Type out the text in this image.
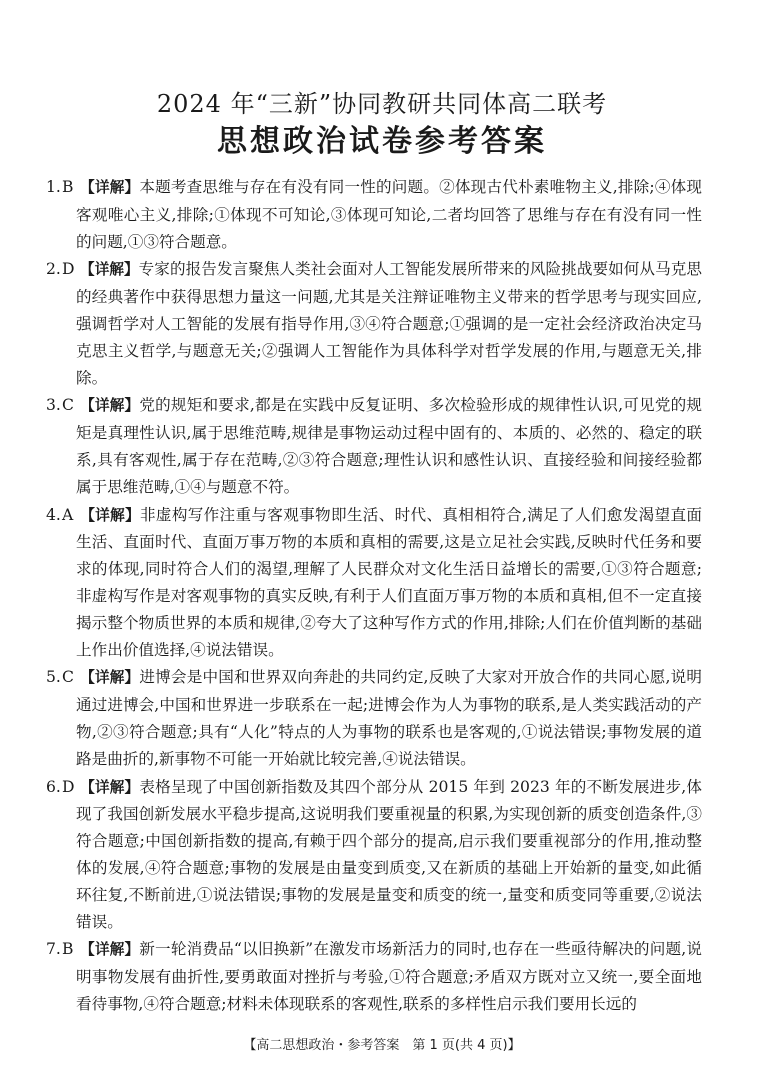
2024 年“三新”协同教研共同体高二联考
思想政治试卷参考答案
1.B 【详解】本题考查思维与存在有没有同一性的问题。②体现古代朴素唯物主义,排除;④体现客观唯心主义,排除;①体现不可知论,③体现可知论,二者均回答了思维与存在有没有同一性的问题,①③符合题意。
2.D 【详解】专家的报告发言聚焦人类社会面对人工智能发展所带来的风险挑战要如何从马克思的经典著作中获得思想力量这一问题,尤其是关注辩证唯物主义带来的哲学思考与现实回应,强调哲学对人工智能的发展有指导作用,③④符合题意;①强调的是一定社会经济政治决定马克思主义哲学,与题意无关;②强调人工智能作为具体科学对哲学发展的作用,与题意无关,排除。
3.C 【详解】党的规矩和要求,都是在实践中反复证明、多次检验形成的规律性认识,可见党的规矩是真理性认识,属于思维范畴,规律是事物运动过程中固有的、本质的、必然的、稳定的联系,具有客观性,属于存在范畴,②③符合题意;理性认识和感性认识、直接经验和间接经验都属于思维范畴,①④与题意不符。
4.A 【详解】非虚构写作注重与客观事物即生活、时代、真相相符合,满足了人们愈发渴望直面生活、直面时代、直面万事万物的本质和真相的需要,这是立足社会实践,反映时代任务和要求的体现,同时符合人们的渴望,理解了人民群众对文化生活日益增长的需要,①③符合题意;非虚构写作是对客观事物的真实反映,有利于人们直面万事万物的本质和真相,但不一定直接揭示整个物质世界的本质和规律,②夸大了这种写作方式的作用,排除;人们在价值判断的基础上作出价值选择,④说法错误。
5.C 【详解】进博会是中国和世界双向奔赴的共同约定,反映了大家对开放合作的共同心愿,说明通过进博会,中国和世界进一步联系在一起;进博会作为人为事物的联系,是人类实践活动的产物,②③符合题意;具有“人化”特点的人为事物的联系也是客观的,①说法错误;事物发展的道路是曲折的,新事物不可能一开始就比较完善,④说法错误。
6.D 【详解】表格呈现了中国创新指数及其四个部分从 2015 年到 2023 年的不断发展进步,体现了我国创新发展水平稳步提高,这说明我们要重视量的积累,为实现创新的质变创造条件,③符合题意;中国创新指数的提高,有赖于四个部分的提高,启示我们要重视部分的作用,推动整体的发展,④符合题意;事物的发展是由量变到质变,又在新质的基础上开始新的量变,如此循环往复,不断前进,①说法错误;事物的发展是量变和质变的统一,量变和质变同等重要,②说法错误。
7.B 【详解】新一轮消费品“以旧换新”在激发市场新活力的同时,也存在一些亟待解决的问题,说明事物发展有曲折性,要勇敢面对挫折与考验,①符合题意;矛盾双方既对立又统一,要全面地看待事物,④符合题意;材料未体现联系的客观性,联系的多样性启示我们要用长远的
【高二思想政治・参考答案　第 1 页(共 4 页)】
